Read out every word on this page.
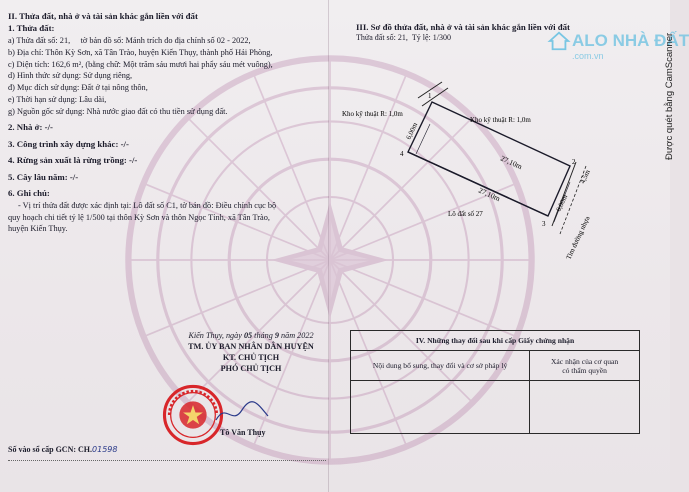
II. Thửa đất, nhà ở và tài sản khác gắn liền với đất
1. Thửa đất:
a) Thửa đất số: 21, tờ bản đồ số: Mảnh trích đo địa chính số 02 - 2022,
b) Địa chỉ: Thôn Kỳ Sơn, xã Tân Trào, huyện Kiến Thụy, thành phố Hải Phòng,
c) Diện tích: 162,6 m², (bằng chữ: Một trăm sáu mươi hai phẩy sáu mét vuông),
d) Hình thức sử dụng: Sử dụng riêng,
đ) Mục đích sử dụng: Đất ở tại nông thôn,
e) Thời hạn sử dụng: Lâu dài,
g) Nguồn gốc sử dụng: Nhà nước giao đất có thu tiền sử dụng đất.
2. Nhà ở: -/-
3. Công trình xây dựng khác: -/-
4. Rừng sản xuất là rừng trồng: -/-
5. Cây lâu năm: -/-
6. Ghi chú:
- Vị trí thửa đất được xác định tại: Lô đất số C1, tờ bản đồ: Điều chỉnh cục bộ
quy hoạch chi tiết tỷ lệ 1/500 tại thôn Kỳ Sơn và thôn Ngọc Tỉnh, xã Tân Trào,
huyện Kiến Thụy.
III. Sơ đồ thửa đất, nhà ở và tài sản khác gắn liền với đất
Thửa đất số: 21, Tỷ lệ: 1/300
Kho kỹ thuật R: 1,0m
Kho kỹ thuật R: 1,0m
27,10m
27,10m
6,00m
6,00m
4,5m
Tim đường nhựa
Lô đất số 27
1
2
3
4
Kiến Thụy, ngày 05 tháng 9 năm 2022
TM. ỦY BAN NHÂN DÂN HUYỆN
KT. CHỦ TỊCH
PHÓ CHỦ TỊCH
Tô Văn Thụy
Số vào sổ cấp GCN: CH.01598
IV. Những thay đổi sau khi cấp Giấy chứng nhận	
Nội dung bổ sung, thay đổi và cơ sở pháp lý	Xác nhận của cơ quan
có thẩm quyền

ALO NHÀ ĐẤT
.com.vn	Được quét bằng CamScanner
